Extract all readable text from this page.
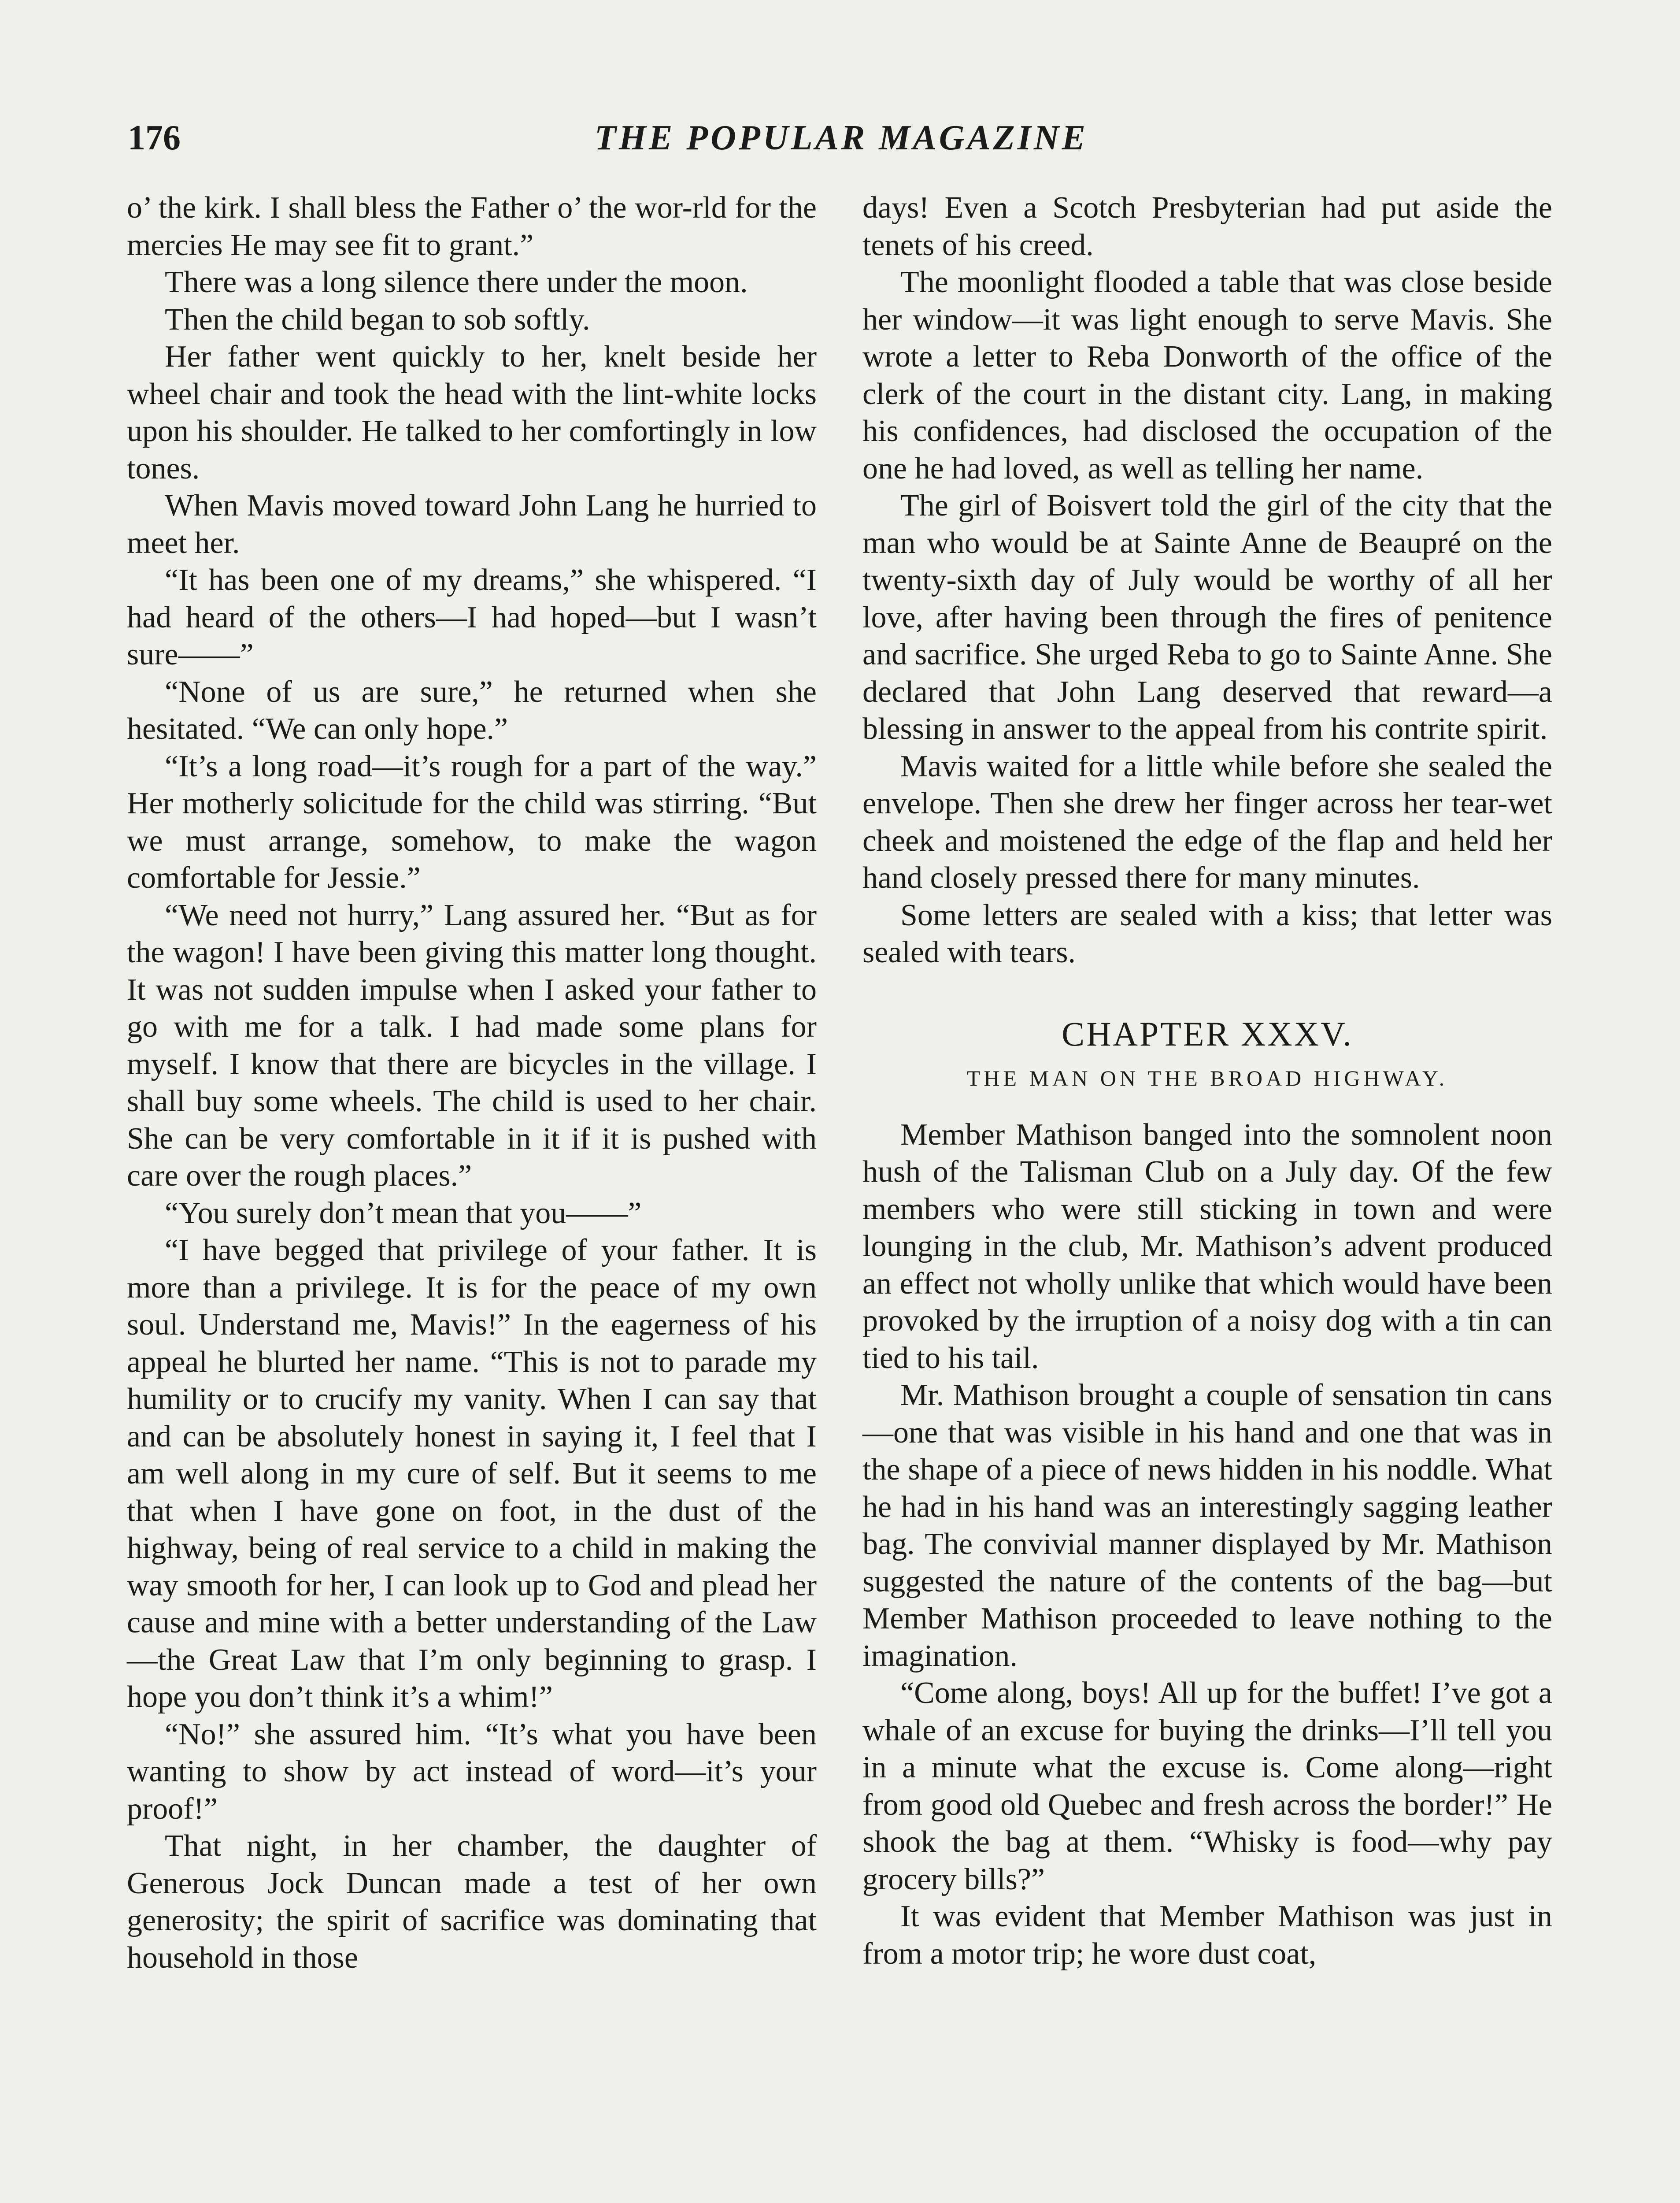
176	THE POPULAR MAGAZINE

o’ the kirk. I shall bless the Father o’ the wor-rld for the mercies He may see fit to grant.”

There was a long silence there under the moon.

Then the child began to sob softly.

Her father went quickly to her, knelt beside her wheel chair and took the head with the lint-white locks upon his shoulder. He talked to her comfortingly in low tones.

When Mavis moved toward John Lang he hurried to meet her.

“It has been one of my dreams,” she whispered. “I had heard of the others—I had hoped—but I wasn’t sure——”

“None of us are sure,” he returned when she hesitated. “We can only hope.”

“It’s a long road—it’s rough for a part of the way.” Her motherly solicitude for the child was stirring. “But we must arrange, somehow, to make the wagon comfortable for Jessie.”

“We need not hurry,” Lang assured her. “But as for the wagon! I have been giving this matter long thought. It was not sudden impulse when I asked your father to go with me for a talk. I had made some plans for myself. I know that there are bicycles in the village. I shall buy some wheels. The child is used to her chair. She can be very comfortable in it if it is pushed with care over the rough places.”

“You surely don’t mean that you——”

“I have begged that privilege of your father. It is more than a privilege. It is for the peace of my own soul. Understand me, Mavis!” In the eagerness of his appeal he blurted her name. “This is not to parade my humility or to crucify my vanity. When I can say that and can be absolutely honest in saying it, I feel that I am well along in my cure of self. But it seems to me that when I have gone on foot, in the dust of the highway, being of real service to a child in making the way smooth for her, I can look up to God and plead her cause and mine with a better understanding of the Law—the Great Law that I’m only beginning to grasp. I hope you don’t think it’s a whim!”

“No!” she assured him. “It’s what you have been wanting to show by act instead of word—it’s your proof!”

That night, in her chamber, the daughter of Generous Jock Duncan made a test of her own generosity; the spirit of sacrifice was dominating that household in those

days! Even a Scotch Presbyterian had put aside the tenets of his creed.

The moonlight flooded a table that was close beside her window—it was light enough to serve Mavis. She wrote a letter to Reba Donworth of the office of the clerk of the court in the distant city. Lang, in making his confidences, had disclosed the occupation of the one he had loved, as well as telling her name.

The girl of Boisvert told the girl of the city that the man who would be at Sainte Anne de Beaupré on the twenty-sixth day of July would be worthy of all her love, after having been through the fires of penitence and sacrifice. She urged Reba to go to Sainte Anne. She declared that John Lang deserved that reward—a blessing in answer to the appeal from his contrite spirit.

Mavis waited for a little while before she sealed the envelope. Then she drew her finger across her tear-wet cheek and moistened the edge of the flap and held her hand closely pressed there for many minutes.

Some letters are sealed with a kiss; that letter was sealed with tears.

CHAPTER XXXV.
THE MAN ON THE BROAD HIGHWAY.

Member Mathison banged into the somnolent noon hush of the Talisman Club on a July day. Of the few members who were still sticking in town and were lounging in the club, Mr. Mathison’s advent produced an effect not wholly unlike that which would have been provoked by the irruption of a noisy dog with a tin can tied to his tail.

Mr. Mathison brought a couple of sensation tin cans—one that was visible in his hand and one that was in the shape of a piece of news hidden in his noddle. What he had in his hand was an interestingly sagging leather bag. The convivial manner displayed by Mr. Mathison suggested the nature of the contents of the bag—but Member Mathison proceeded to leave nothing to the imagination.

“Come along, boys! All up for the buffet! I’ve got a whale of an excuse for buying the drinks—I’ll tell you in a minute what the excuse is. Come along—right from good old Quebec and fresh across the border!” He shook the bag at them. “Whisky is food—why pay grocery bills?”

It was evident that Member Mathison was just in from a motor trip; he wore dust coat,
